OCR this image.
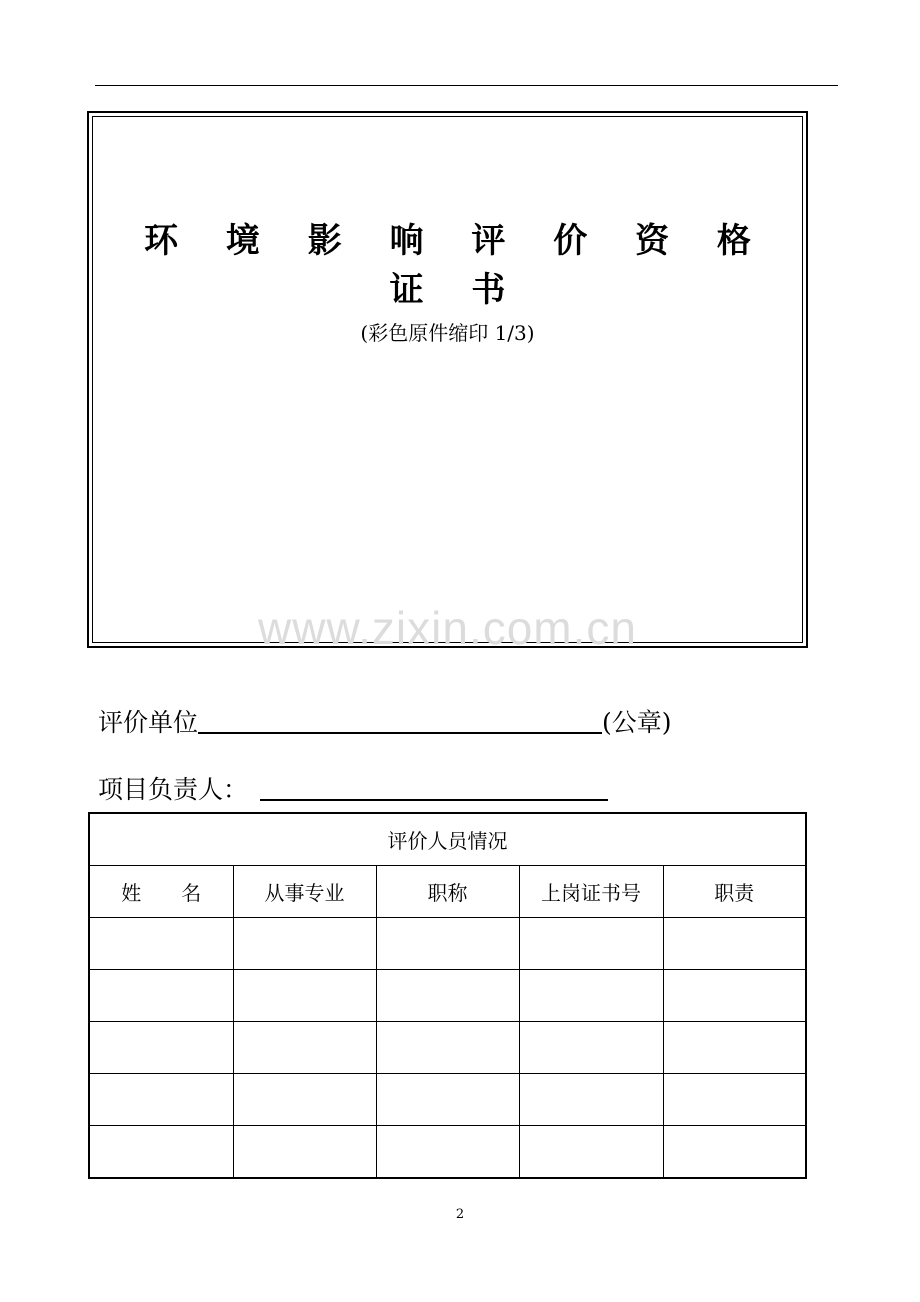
环 境 影 响 评 价 资 格 证 书
(彩色原件缩印 1/3)
www.zixin.com.cn
评价单位	(公章)
项目负责人：
评价人员情况				
姓　　名	从事专业	职称	上岗证书号	职责

2
